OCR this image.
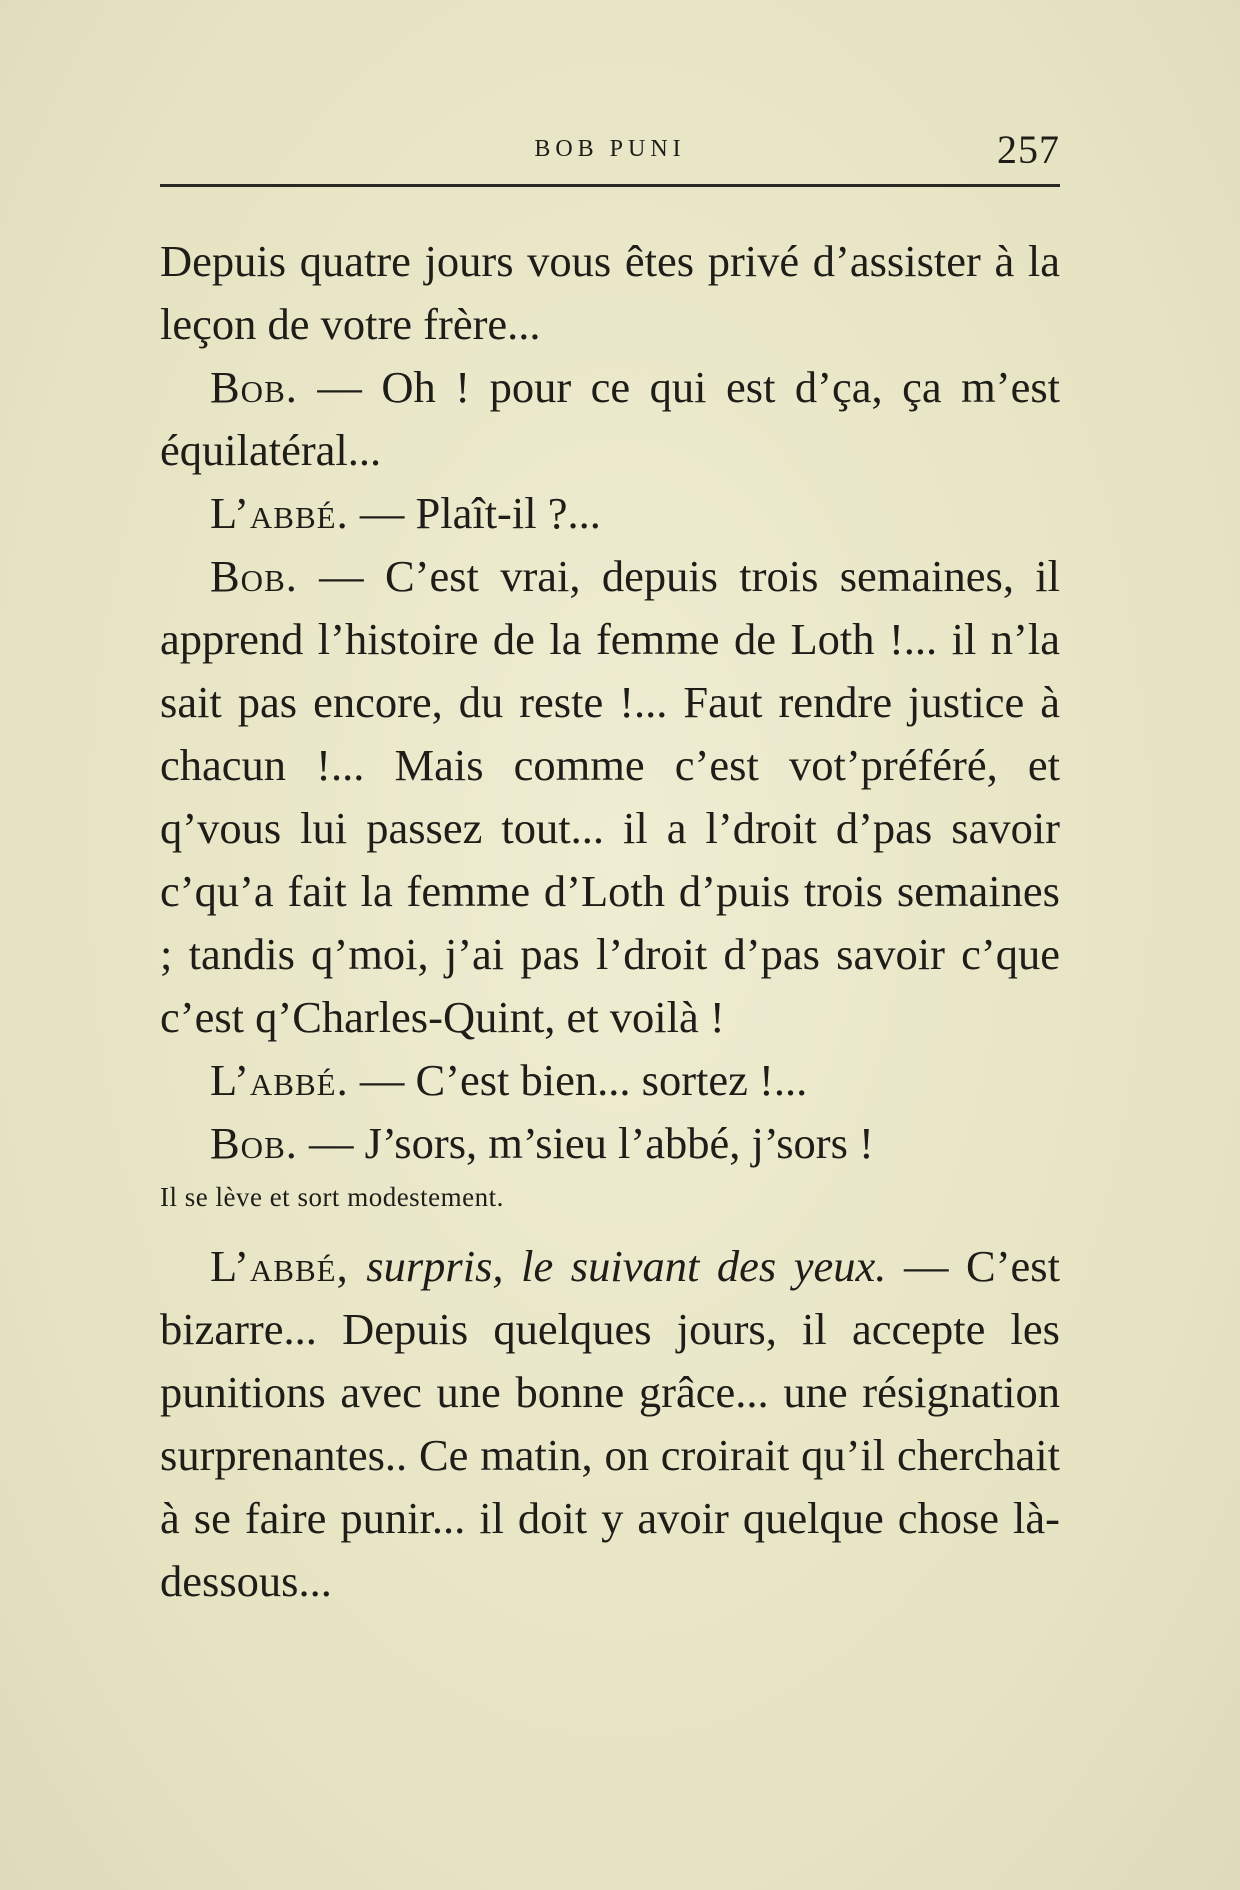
BOB PUNI	257

Depuis quatre jours vous êtes privé d’assister à la leçon de votre frère...

Bob. — Oh ! pour ce qui est d’ça, ça m’est équilatéral...

L’abbé. — Plaît-il ?...

Bob. — C’est vrai, depuis trois semaines, il apprend l’histoire de la femme de Loth !... il n’la sait pas encore, du reste !... Faut rendre justice à chacun !... Mais comme c’est vot’préféré, et q’vous lui passez tout... il a l’droit d’pas savoir c’qu’a fait la femme d’Loth d’puis trois semaines ; tandis q’moi, j’ai pas l’droit d’pas savoir c’que c’est q’Charles-Quint, et voilà !

L’abbé. — C’est bien... sortez !...

Bob. — J’sors, m’sieu l’abbé, j’sors !

Il se lève et sort modestement.

L’abbé, surpris, le suivant des yeux. — C’est bizarre... Depuis quelques jours, il accepte les punitions avec une bonne grâce... une résignation surprenantes.. Ce matin, on croirait qu’il cherchait à se faire punir... il doit y avoir quelque chose là-dessous...
